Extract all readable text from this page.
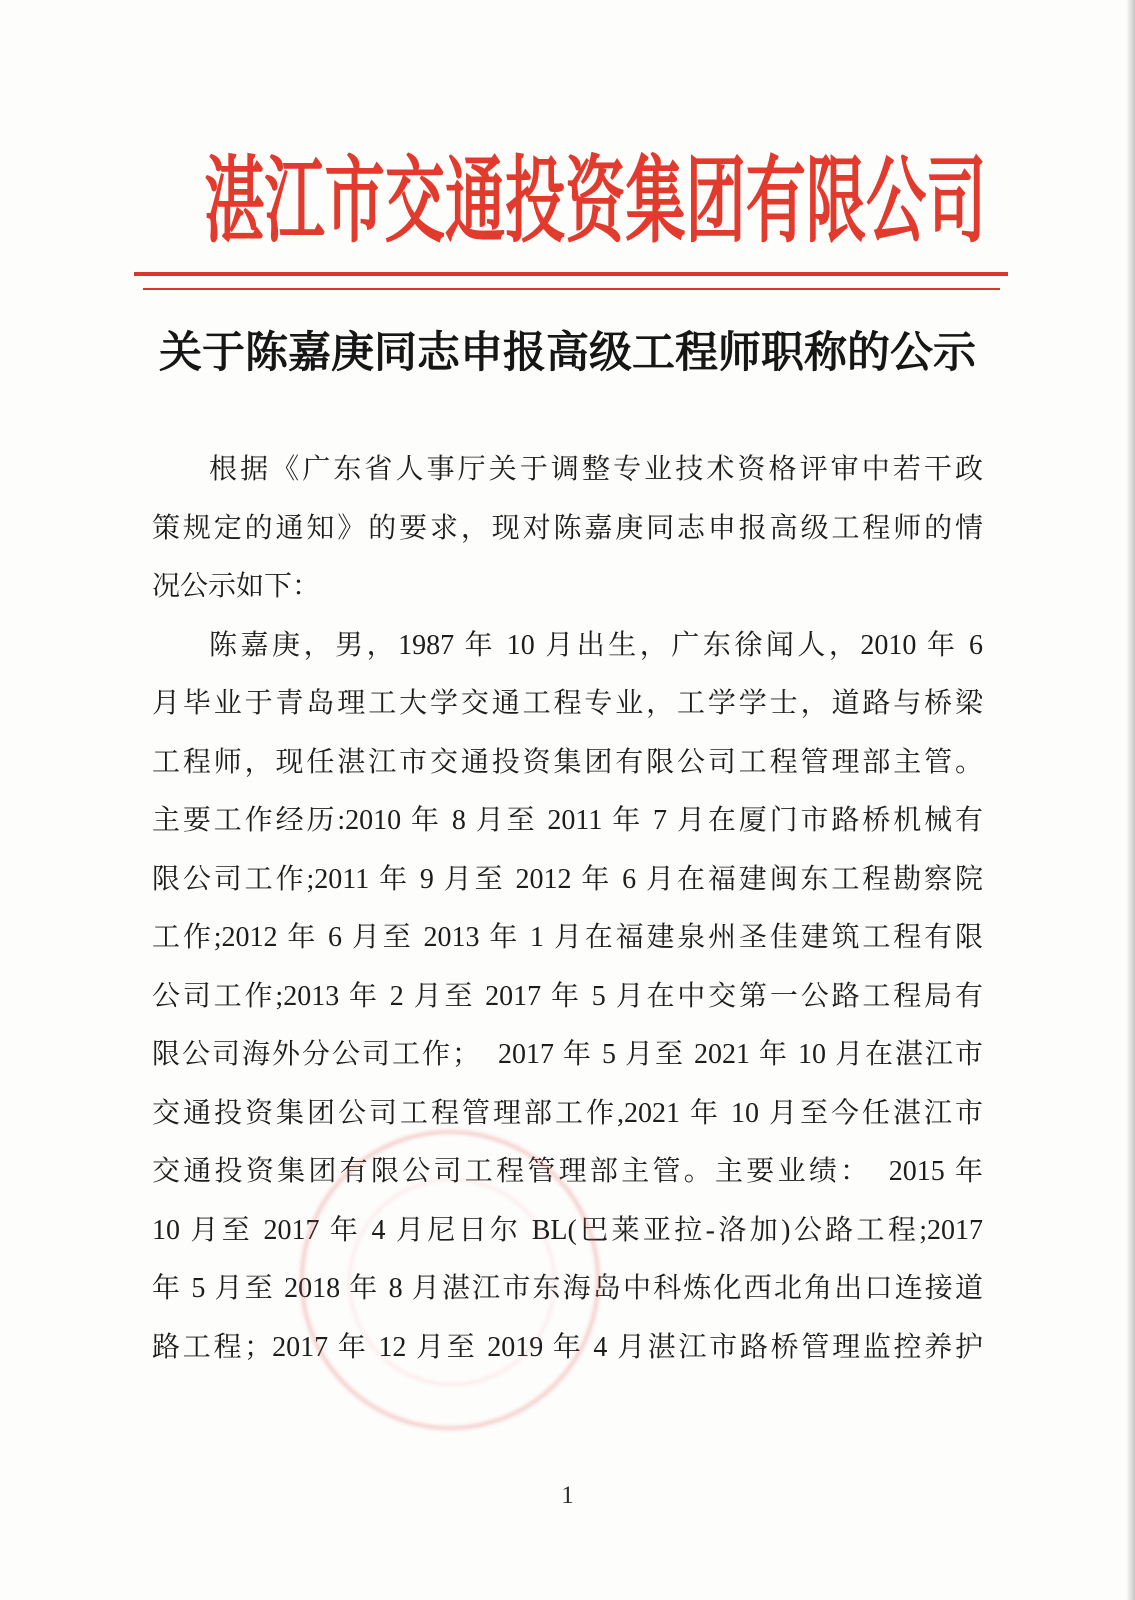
湛江市交通投资集团有限公司
关于陈嘉庚同志申报高级工程师职称的公示
根据《广东省人事厅关于调整专业技术资格评审中若干政
策规定的通知》的要求，现对陈嘉庚同志申报高级工程师的情
况公示如下：
陈嘉庚，男，1987 年 10 月出生，广东徐闻人，2010 年 6
月毕业于青岛理工大学交通工程专业，工学学士，道路与桥梁
工程师，现任湛江市交通投资集团有限公司工程管理部主管。
主要工作经历:2010 年 8 月至 2011 年 7 月在厦门市路桥机械有
限公司工作;2011 年 9 月至 2012 年 6 月在福建闽东工程勘察院
工作;2012 年 6 月至 2013 年 1 月在福建泉州圣佳建筑工程有限
公司工作;2013 年 2 月至 2017 年 5 月在中交第一公路工程局有
限公司海外分公司工作；　2017 年 5 月至 2021 年 10 月在湛江市
交通投资集团公司工程管理部工作,2021 年 10 月至今任湛江市
交通投资集团有限公司工程管理部主管。主要业绩：　2015 年
10 月至 2017 年 4 月尼日尔 BL(巴莱亚拉-洛加)公路工程;2017
年 5 月至 2018 年 8 月湛江市东海岛中科炼化西北角出口连接道
路工程；2017 年 12 月至 2019 年 4 月湛江市路桥管理监控养护
1
